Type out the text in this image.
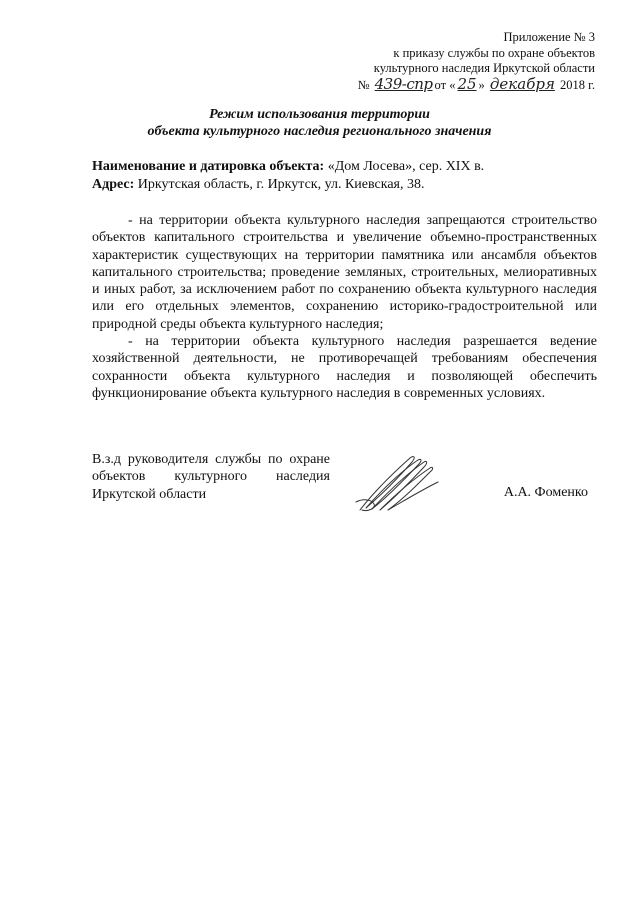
Приложение № 3
к приказу службы по охране объектов
культурного наследия Иркутской области
№ 439-спр от « 25 » декабря 2018 г.
Режим использования территории
объекта культурного наследия регионального значения
Наименование и датировка объекта: «Дом Лосева», сер. XIX в.
Адрес: Иркутская область, г. Иркутск, ул. Киевская, 38.

- на территории объекта культурного наследия запрещаются строительство объектов капитального строительства и увеличение объемно-пространственных характеристик существующих на территории памятника или ансамбля объектов капитального строительства; проведение земляных, строительных, мелиоративных и иных работ, за исключением работ по сохранению объекта культурного наследия или его отдельных элементов, сохранению историко-градостроительной или природной среды объекта культурного наследия;

- на территории объекта культурного наследия разрешается ведение хозяйственной деятельности, не противоречащей требованиям обеспечения сохранности объекта культурного наследия и позволяющей обеспечить функционирование объекта культурного наследия в современных условиях.

В.з.д руководителя службы по охране объектов культурного наследия Иркутской области	А.А. Фоменко
